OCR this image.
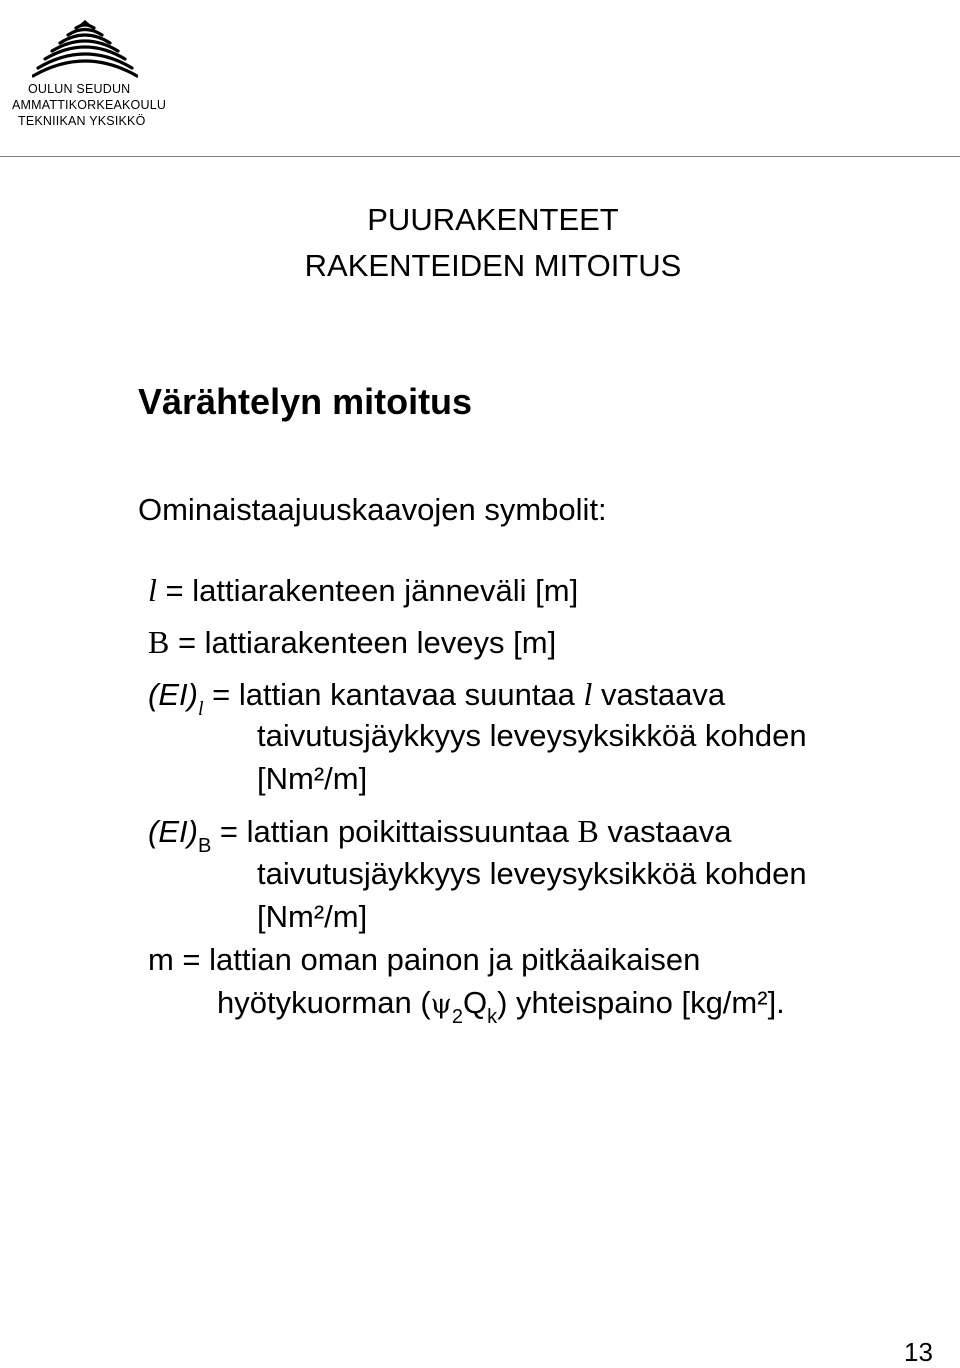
OULUN SEUDUN
AMMATTIKORKEAKOULU
TEKNIIKAN YKSIKKÖ
PUURAKENTEET
RAKENTEIDEN MITOITUS
Värähtelyn mitoitus
Ominaistaajuuskaavojen symbolit:
l = lattiarakenteen jänneväli [m]
B = lattiarakenteen leveys [m]
$(EI)_l$ = lattian kantavaa suuntaa l vastaava
taivutusjäykkyys leveysyksikköä kohden
[Nm²/m]
$(EI)_B$ = lattian poikittaissuuntaa B vastaava
taivutusjäykkyys leveysyksikköä kohden
[Nm²/m]
m = lattian oman painon ja pitkäaikaisen
hyötykuorman $(\psi_2Q_k)$ yhteispaino [kg/m²].
13
